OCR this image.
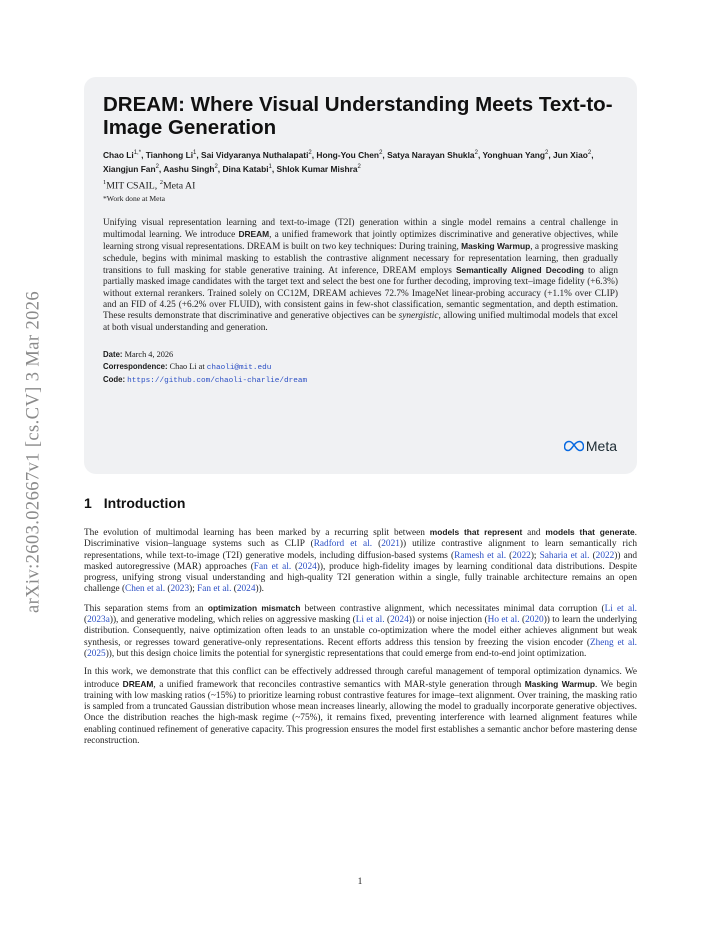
arXiv:2603.02667v1 [cs.CV] 3 Mar 2026
DREAM: Where Visual Understanding Meets Text-to-Image Generation
Chao $Li^{1,*}$, Tianhong Li$^1$, Sai Vidyaranya Nuthalapati$^2$, Hong-You Chen$^2$, Satya Narayan Shukla$^2$, Yonghuan Yang$^2$, Jun Xiao$^2$, Xiangjun Fan$^2$, Aashu Singh$^2$, Dina Katabi$^1$, Shlok Kumar Mishra$^2$
$^1$MIT CSAIL, $^2$Meta AI
*Work done at Meta
Unifying visual representation learning and text-to-image (T2I) generation within a single model remains a central challenge in multimodal learning. We introduce DREAM, a unified framework that jointly optimizes discriminative and generative objectives, while learning strong visual representations. DREAM is built on two key techniques: During training, Masking Warmup, a progressive masking schedule, begins with minimal masking to establish the contrastive alignment necessary for representation learning, then gradually transitions to full masking for stable generative training. At inference, DREAM employs Semantically Aligned Decoding to align partially masked image candidates with the target text and select the best one for further decoding, improving text–image fidelity (+6.3%) without external rerankers. Trained solely on CC12M, DREAM achieves 72.7% ImageNet linear-probing accuracy (+1.1% over CLIP) and an FID of 4.25 (+6.2% over FLUID), with consistent gains in few-shot classification, semantic segmentation, and depth estimation. These results demonstrate that discriminative and generative objectives can be synergistic, allowing unified multimodal models that excel at both visual understanding and generation.
Date: March 4, 2026
Correspondence: Chao Li at chaoli@mit.edu
Code: https://github.com/chaoli-charlie/dream
Meta
1 Introduction

The evolution of multimodal learning has been marked by a recurring split between models that represent and models that generate. Discriminative vision–language systems such as CLIP (Radford et al. (2021)) utilize contrastive alignment to learn semantically rich representations, while text-to-image (T2I) generative models, including diffusion-based systems (Ramesh et al. (2022); Saharia et al. (2022)) and masked autoregressive (MAR) approaches (Fan et al. (2024)), produce high-fidelity images by learning conditional data distributions. Despite progress, unifying strong visual understanding and high-quality T2I generation within a single, fully trainable architecture remains an open challenge (Chen et al. (2023); Fan et al. (2024)).

This separation stems from an optimization mismatch between contrastive alignment, which necessitates minimal data corruption (Li et al. (2023a)), and generative modeling, which relies on aggressive masking (Li et al. (2024)) or noise injection (Ho et al. (2020)) to learn the underlying distribution. Consequently, naive optimization often leads to an unstable co-optimization where the model either achieves alignment but weak synthesis, or regresses toward generative-only representations. Recent efforts address this tension by freezing the vision encoder (Zheng et al. (2025)), but this design choice limits the potential for synergistic representations that could emerge from end-to-end joint optimization.

In this work, we demonstrate that this conflict can be effectively addressed through careful management of temporal optimization dynamics. We introduce DREAM, a unified framework that reconciles contrastive semantics with MAR-style generation through Masking Warmup. We begin training with low masking ratios (~15%) to prioritize learning robust contrastive features for image–text alignment. Over training, the masking ratio is sampled from a truncated Gaussian distribution whose mean increases linearly, allowing the model to gradually incorporate generative objectives. Once the distribution reaches the high-mask regime (~75%), it remains fixed, preventing interference with learned alignment features while enabling continued refinement of generative capacity. This progression ensures the model first establishes a semantic anchor before mastering dense reconstruction.

1
